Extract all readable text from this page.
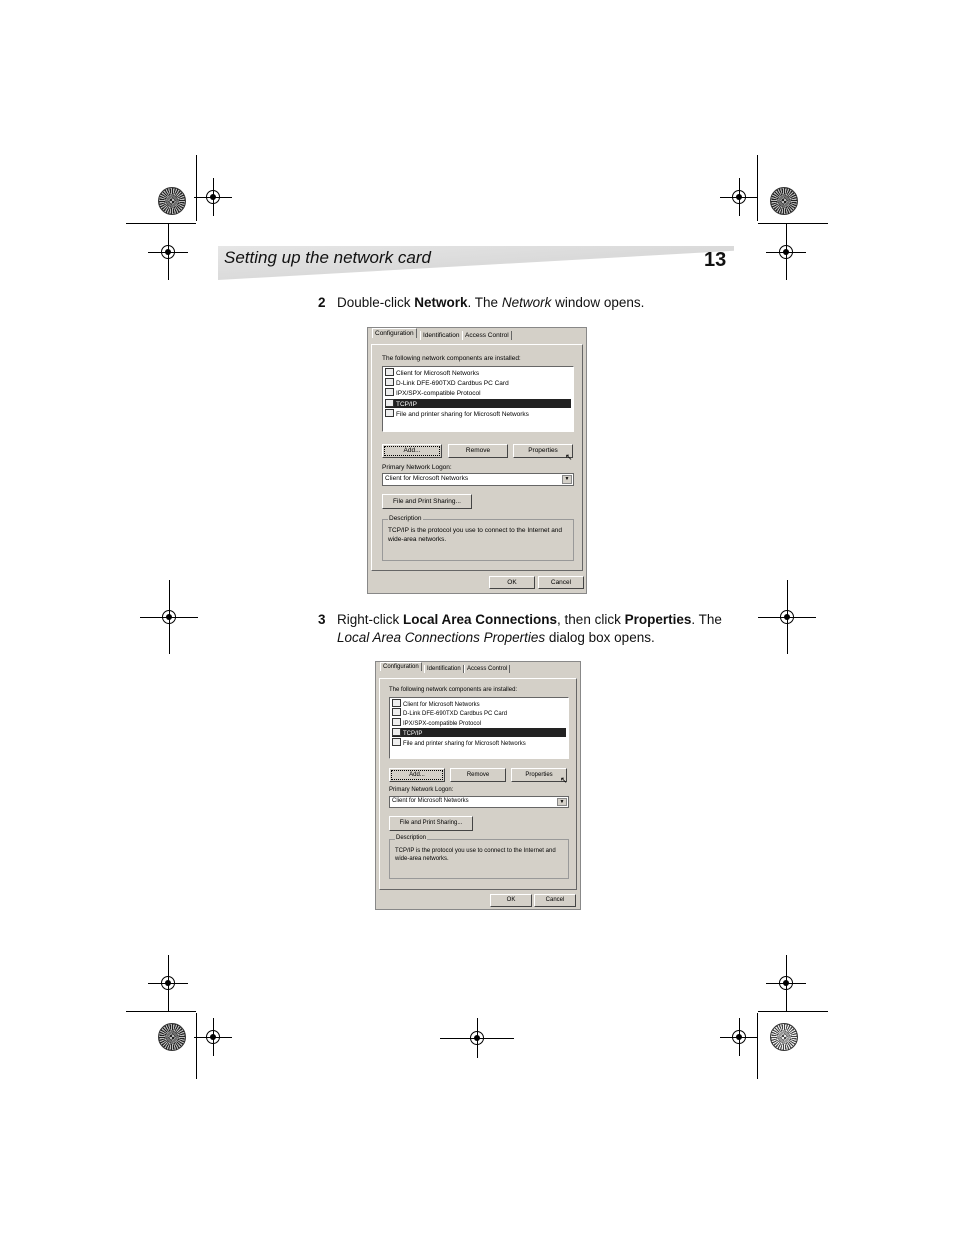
Setting up the network card	13
2 Double-click Network. The Network window opens.
Configuration	Identification Access Control
The following network components are installed:
Client for Microsoft Networks
D-Link DFE-690TXD Cardbus PC Card
IPX/SPX-compatible Protocol
TCP/IP
File and printer sharing for Microsoft Networks
Add...	Remove	Properties
↖
Primary Network Logon:
Client for Microsoft Networks	▼
File and Print Sharing...
Description
TCP/IP is the protocol you use to connect to the Internet and wide-area networks.
OK	Cancel
3 Right-click Local Area Connections, then click Properties. The Local Area Connections Properties dialog box opens.
Configuration	Identification	Access Control
The following network components are installed:
Client for Microsoft Networks
D-Link DFE-690TXD Cardbus PC Card
IPX/SPX-compatible Protocol
TCP/IP
File and printer sharing for Microsoft Networks
Add...	Remove	Properties ↖
Primary Network Logon:
Client for Microsoft Networks	▼
File and Print Sharing...
Description
TCP/IP is the protocol you use to connect to the Internet and wide-area networks.
OK	Cancel
